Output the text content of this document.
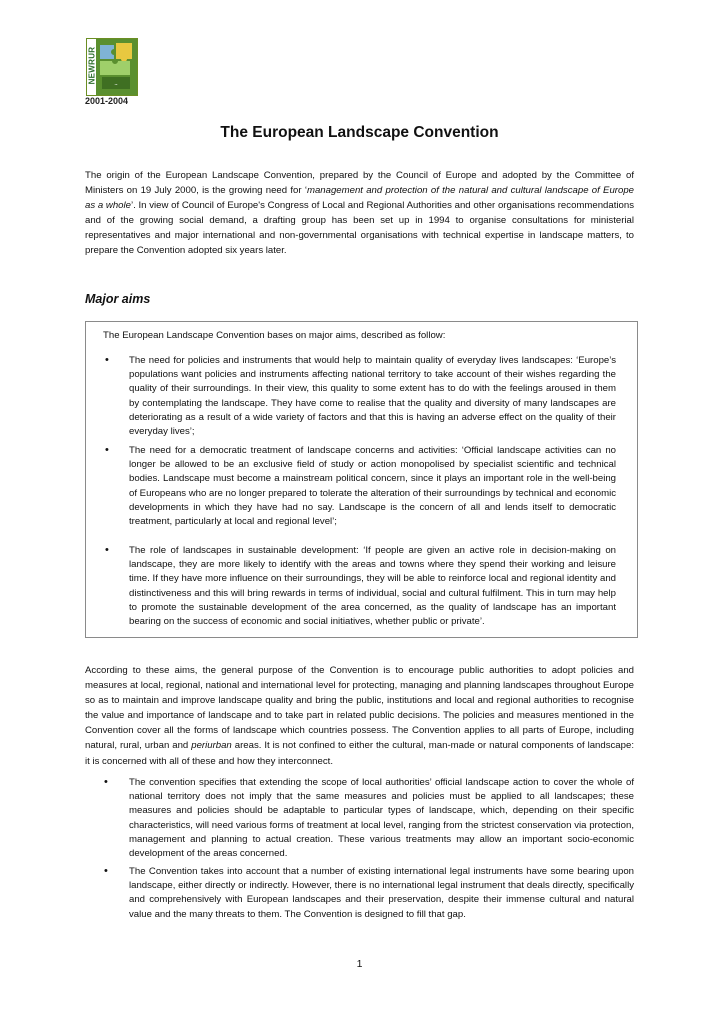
NEWRUR
~
2001-2004
The European Landscape Convention

The origin of the European Landscape Convention, prepared by the Council of Europe and adopted by the Committee of Ministers on 19 July 2000, is the growing need for ‘management and protection of the natural and cultural landscape of Europe as a whole’. In view of Council of Europe's Congress of Local and Regional Authorities and other organisations recommendations and of the growing social demand, a drafting group has been set up in 1994 to organise consultations for ministerial representatives and major international and non-governmental organisations with technical expertise in landscape matters, to prepare the Convention adopted six years later.

Major aims

The European Landscape Convention bases on major aims, described as follow:

• The need for policies and instruments that would help to maintain quality of everyday lives landscapes: ‘Europe’s populations want policies and instruments affecting national territory to take account of their wishes regarding the quality of their surroundings. In their view, this quality to some extent has to do with the feelings aroused in them by contemplating the landscape. They have come to realise that the quality and diversity of many landscapes are deteriorating as a result of a wide variety of factors and that this is having an adverse effect on the quality of their everyday lives’;

• The need for a democratic treatment of landscape concerns and activities: ‘Official landscape activities can no longer be allowed to be an exclusive field of study or action monopolised by specialist scientific and technical bodies. Landscape must become a mainstream political concern, since it plays an important role in the well-being of Europeans who are no longer prepared to tolerate the alteration of their surroundings by technical and economic developments in which they have had no say. Landscape is the concern of all and lends itself to democratic treatment, particularly at local and regional level’;

• The role of landscapes in sustainable development: ‘If people are given an active role in decision-making on landscape, they are more likely to identify with the areas and towns where they spend their working and leisure time. If they have more influence on their surroundings, they will be able to reinforce local and regional identity and distinctiveness and this will bring rewards in terms of individual, social and cultural fulfilment. This in turn may help to promote the sustainable development of the area concerned, as the quality of landscape has an important bearing on the success of economic and social initiatives, whether public or private’.

According to these aims, the general purpose of the Convention is to encourage public authorities to adopt policies and measures at local, regional, national and international level for protecting, managing and planning landscapes throughout Europe so as to maintain and improve landscape quality and bring the public, institutions and local and regional authorities to recognise the value and importance of landscape and to take part in related public decisions. The policies and measures mentioned in the Convention cover all the forms of landscape which countries possess. The Convention applies to all parts of Europe, including natural, rural, urban and periurban areas. It is not confined to either the cultural, man-made or natural components of landscape: it is concerned with all of these and how they interconnect.

• The convention specifies that extending the scope of local authorities’ official landscape action to cover the whole of national territory does not imply that the same measures and policies must be applied to all landscapes; these measures and policies should be adaptable to particular types of landscape, which, depending on their specific characteristics, will need various forms of treatment at local level, ranging from the strictest conservation via protection, management and planning to actual creation. These various treatments may allow an important socio-economic development of the areas concerned.

• The Convention takes into account that a number of existing international legal instruments have some bearing upon landscape, either directly or indirectly. However, there is no international legal instrument that deals directly, specifically and comprehensively with European landscapes and their preservation, despite their immense cultural and natural value and the many threats to them. The Convention is designed to fill that gap.

1
